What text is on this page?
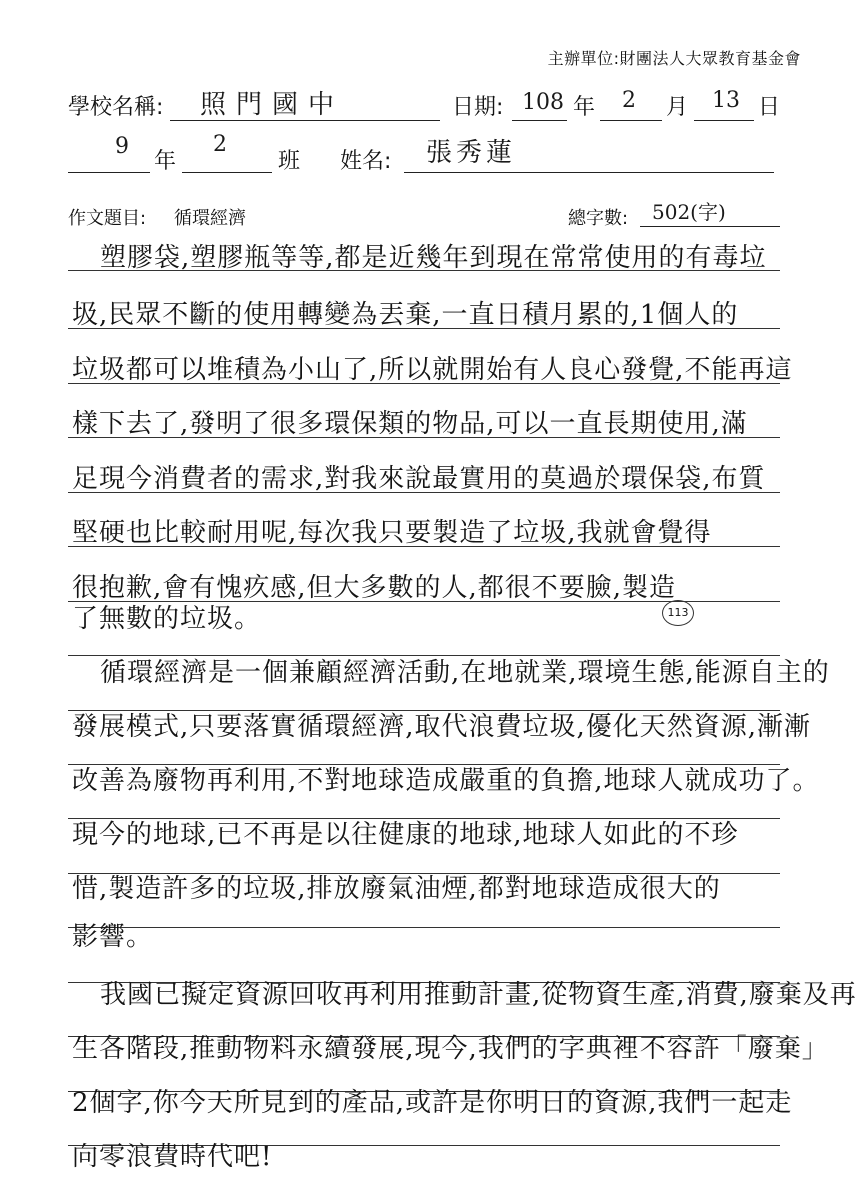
主辦單位:財團法人大眾教育基金會
學校名稱: 照門國中	日期: 108 年 2 月 13 日
9
年
2
班 姓名: 張秀蓮
作文題目: 循環經濟	總字數: 502(字)
塑膠袋,塑膠瓶等等,都是近幾年到現在常常使用的有毒垃
圾,民眾不斷的使用轉變為丟棄,一直日積月累的,1個人的
垃圾都可以堆積為小山了,所以就開始有人良心發覺,不能再這
樣下去了,發明了很多環保類的物品,可以一直長期使用,滿
足現今消費者的需求,對我來說最實用的莫過於環保袋,布質
堅硬也比較耐用呢,每次我只要製造了垃圾,我就會覺得
很抱歉,會有愧疚感,但大多數的人,都很不要臉,製造
了無數的垃圾。	113
循環經濟是一個兼顧經濟活動,在地就業,環境生態,能源自主的
發展模式,只要落實循環經濟,取代浪費垃圾,優化天然資源,漸漸
改善為廢物再利用,不對地球造成嚴重的負擔,地球人就成功了。
現今的地球,已不再是以往健康的地球,地球人如此的不珍
惜,製造許多的垃圾,排放廢氣油煙,都對地球造成很大的
影響。
我國已擬定資源回收再利用推動計畫,從物資生產,消費,廢棄及再
生各階段,推動物料永續發展,現今,我們的字典裡不容許「廢棄」
2個字,你今天所見到的產品,或許是你明日的資源,我們一起走
向零浪費時代吧!
